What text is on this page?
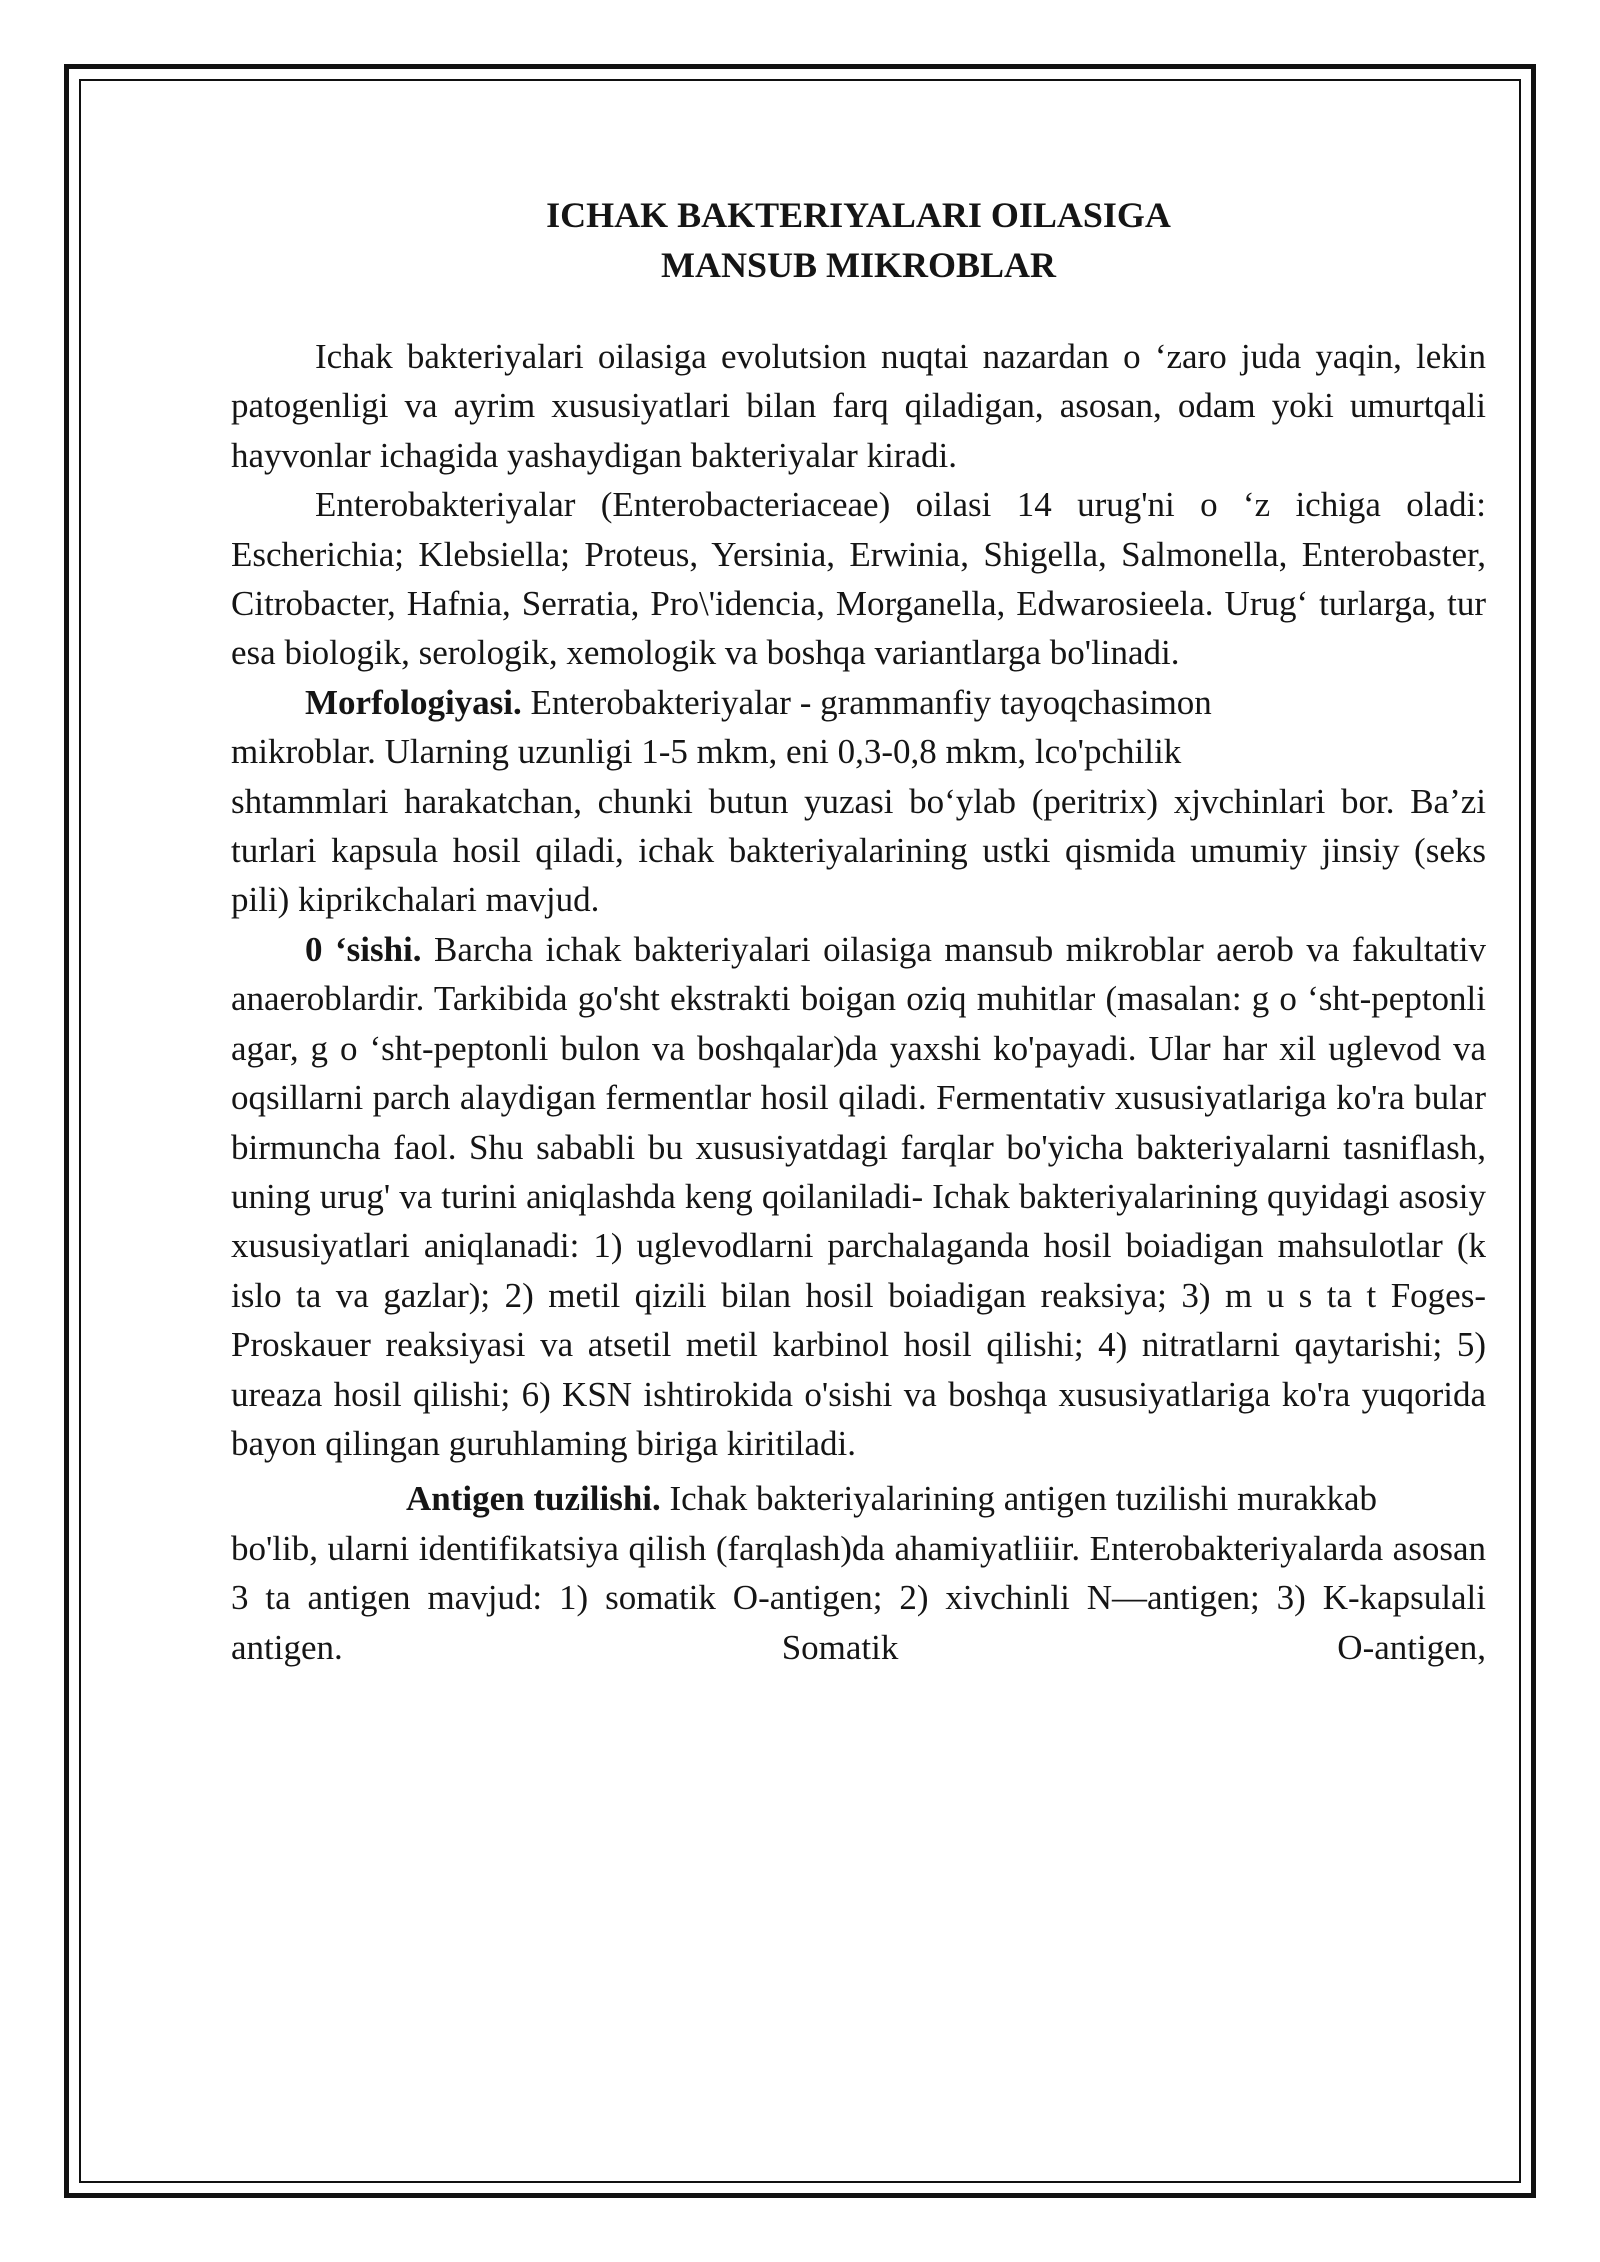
ICHAK BAKTERIYALARI OILASIGA
MANSUB MIKROBLAR

Ichak bakteriyalari oilasiga evolutsion nuqtai nazardan o ‘zaro juda yaqin, lekin patogenligi va ayrim xususiyatlari bilan farq qiladigan, asosan, odam yoki umurtqali hayvonlar ichagida yashaydigan bakteriyalar kiradi.

Enterobakteriyalar (Enterobacteriaceae) oilasi 14 urug'ni o ‘z ichiga oladi: Escherichia; Klebsiella; Proteus, Yersinia, Erwinia, Shigella, Salmonella, Enterobaster, Citrobacter, Hafnia, Serratia, Pro\'idencia, Morganella, Edwarosieela. Urug‘ turlarga, tur esa biologik, serologik, xemologik va boshqa variantlarga bo'linadi.

Morfologiyasi. Enterobakteriyalar - grammanfiy tayoqchasimon

mikroblar. Ularning uzunligi 1-5 mkm, eni 0,3-0,8 mkm, lco'pchilik

shtammlari harakatchan, chunki butun yuzasi bo‘ylab (peritrix) xjvchinlari bor. Ba’zi turlari kapsula hosil qiladi, ichak bakteriyalarining ustki qismida umumiy jinsiy (seks pili) kiprikchalari mavjud.

0 ‘sishi. Barcha ichak bakteriyalari oilasiga mansub mikroblar aerob va fakultativ anaeroblardir. Tarkibida go'sht ekstrakti boigan oziq muhitlar (masalan: g o ‘sht-peptonli agar, g o ‘sht-peptonli bulon va boshqalar)da yaxshi ko'payadi. Ular har xil uglevod va oqsillarni parch alaydigan fermentlar hosil qiladi. Fermentativ xususiyatlariga ko'ra bular birmuncha faol. Shu sababli bu xususiyatdagi farqlar bo'yicha bakteriyalarni tasniflash, uning urug' va turini aniqlashda keng qoilaniladi- Ichak bakteriyalarining quyidagi asosiy xususiyatlari aniqlanadi: 1) uglevodlarni parchalaganda hosil boiadigan mahsulotlar (k islo ta va gazlar); 2) metil qizili bilan hosil boiadigan reaksiya; 3) m u s ta t Foges- Proskauer reaksiyasi va atsetil metil karbinol hosil qilishi; 4) nitratlarni qaytarishi; 5) ureaza hosil qilishi; 6) KSN ishtirokida o'sishi va boshqa xususiyatlariga ko'ra yuqorida bayon qilingan guruhlaming biriga kiritiladi.

Antigen tuzilishi. Ichak bakteriyalarining antigen tuzilishi murakkab

bo'lib, ularni identifikatsiya qilish (farqlash)da ahamiyatliiir. Enterobakteriyalarda asosan 3 ta antigen mavjud: 1) somatik O-antigen; 2) xivchinli N—antigen; 3) K-kapsulali antigen. Somatik O-antigen,
